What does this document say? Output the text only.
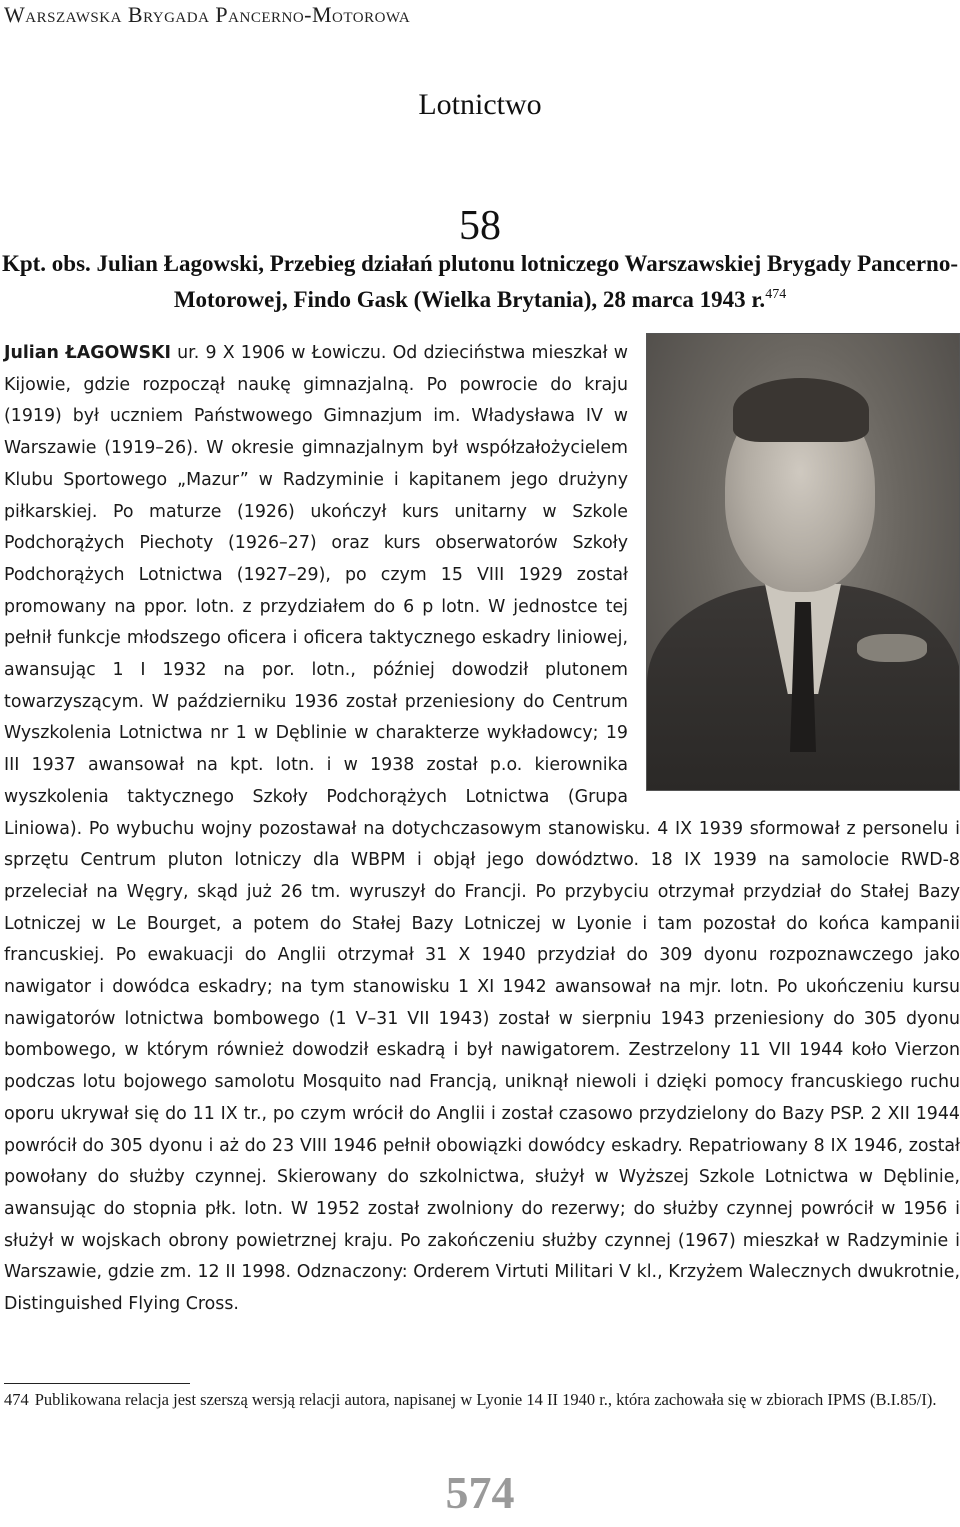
Warszawska Brygada Pancerno-Motorowa
Lotnictwo
58
Kpt. obs. Julian Łagowski, Przebieg działań plutonu lotniczego Warszawskiej Brygady Pancerno-Motorowej, Findo Gask (Wielka Brytania), 28 marca 1943 r.$^{474}$
Julian ŁAGOWSKI ur. 9 X 1906 w Łowiczu. Od dzieciństwa mieszkał w Kijowie, gdzie rozpoczął naukę gimnazjalną. Po powrocie do kraju (1919) był uczniem Państwowego Gimnazjum im. Władysława IV w Warszawie (1919–26). W okresie gimnazjalnym był współzałożycielem Klubu Sportowego „Mazur” w Radzyminie i kapitanem jego drużyny piłkarskiej. Po maturze (1926) ukończył kurs unitarny w Szkole Podchorążych Piechoty (1926–27) oraz kurs obserwatorów Szkoły Podchorążych Lotnictwa (1927–29), po czym 15 VIII 1929 został promowany na ppor. lotn. z przydziałem do 6 p lotn. W jednostce tej pełnił funkcje młodszego oficera i oficera taktycznego eskadry liniowej, awansując 1 I 1932 na por. lotn., później dowodził plutonem towarzyszącym. W październiku 1936 został przeniesiony do Centrum Wyszkolenia Lotnictwa nr 1 w Dęblinie w charakterze wykładowcy; 19 III 1937 awansował na kpt. lotn. i w 1938 został p.o. kierownika wyszkolenia taktycznego Szkoły Podchorążych Lotnictwa (Grupa Liniowa). Po wybuchu wojny pozostawał na dotychczasowym stanowisku. 4 IX 1939 sformował z personelu i sprzętu Centrum pluton lotniczy dla WBPM i objął jego dowództwo. 18 IX 1939 na samolocie RWD-8 przeleciał na Węgry, skąd już 26 tm. wyruszył do Francji. Po przybyciu otrzymał przydział do Stałej Bazy Lotniczej w Le Bourget, a potem do Stałej Bazy Lotniczej w Lyonie i tam pozostał do końca kampanii francuskiej. Po ewakuacji do Anglii otrzymał 31 X 1940 przydział do 309 dyonu rozpoznawczego jako nawigator i dowódca eskadry; na tym stanowisku 1 XI 1942 awansował na mjr. lotn. Po ukończeniu kursu nawigatorów lotnictwa bombowego (1 V–31 VII 1943) został w sierpniu 1943 przeniesiony do 305 dyonu bombowego, w którym również dowodził eskadrą i był nawigatorem. Zestrzelony 11 VII 1944 koło Vierzon podczas lotu bojowego samolotu Mosquito nad Francją, uniknął niewoli i dzięki pomocy francuskiego ruchu oporu ukrywał się do 11 IX tr., po czym wrócił do Anglii i został czasowo przydzielony do Bazy PSP. 2 XII 1944 powrócił do 305 dyonu i aż do 23 VIII 1946 pełnił obowiązki dowódcy eskadry. Repatriowany 8 IX 1946, został powołany do służby czynnej. Skierowany do szkolnictwa, służył w Wyższej Szkole Lotnictwa w Dęblinie, awansując do stopnia płk. lotn. W 1952 został zwolniony do rezerwy; do służby czynnej powrócił w 1956 i służył w wojskach obrony powietrznej kraju. Po zakończeniu służby czynnej (1967) mieszkał w Radzyminie i Warszawie, gdzie zm. 12 II 1998. Odznaczony: Orderem Virtuti Militari V kl., Krzyżem Walecznych dwukrotnie, Distinguished Flying Cross.
474 Publikowana relacja jest szerszą wersją relacji autora, napisanej w Lyonie 14 II 1940 r., która zachowała się w zbiorach IPMS (B.I.85/I).
574
